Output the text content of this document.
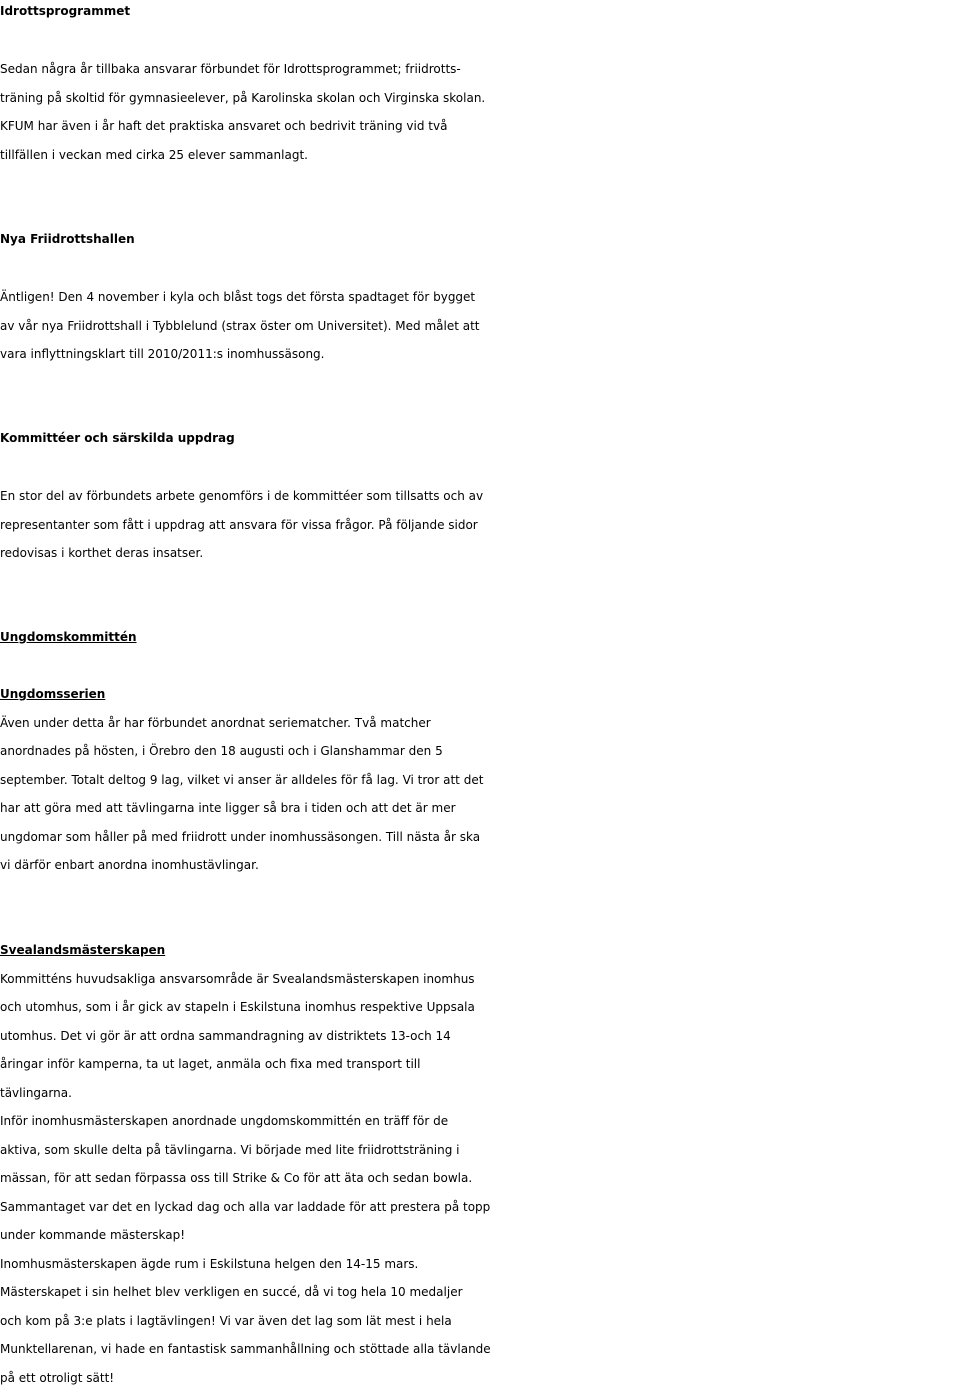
Idrottsprogrammet
Sedan några år tillbaka ansvarar förbundet för Idrottsprogrammet; friidrotts-
träning på skoltid för gymnasieelever, på Karolinska skolan och Virginska skolan.
KFUM har även i år haft det praktiska ansvaret och bedrivit träning vid två
tillfällen i veckan med cirka 25 elever sammanlagt.
Nya Friidrottshallen
Äntligen! Den 4 november i kyla och blåst togs det första spadtaget för bygget
av vår nya Friidrottshall i Tybblelund (strax öster om Universitet). Med målet att
vara inflyttningsklart till 2010/2011:s inomhussäsong.
Kommittéer och särskilda uppdrag
En stor del av förbundets arbete genomförs i de kommittéer som tillsatts och av
representanter som fått i uppdrag att ansvara för vissa frågor. På följande sidor
redovisas i korthet deras insatser.
Ungdomskommittén
Ungdomsserien
Även under detta år har förbundet anordnat seriematcher. Två matcher
anordnades på hösten, i Örebro den 18 augusti och i Glanshammar den 5
september. Totalt deltog 9 lag, vilket vi anser är alldeles för få lag. Vi tror att det
har att göra med att tävlingarna inte ligger så bra i tiden och att det är mer
ungdomar som håller på med friidrott under inomhussäsongen. Till nästa år ska
vi därför enbart anordna inomhustävlingar.
Svealandsmästerskapen
Kommitténs huvudsakliga ansvarsområde är Svealandsmästerskapen inomhus
och utomhus, som i år gick av stapeln i Eskilstuna inomhus respektive Uppsala
utomhus. Det vi gör är att ordna sammandragning av distriktets 13-och 14
åringar inför kamperna, ta ut laget, anmäla och fixa med transport till
tävlingarna.
Inför inomhusmästerskapen anordnade ungdomskommittén en träff för de
aktiva, som skulle delta på tävlingarna. Vi började med lite friidrottsträning i
mässan, för att sedan förpassa oss till Strike & Co för att äta och sedan bowla.
Sammantaget var det en lyckad dag och alla var laddade för att prestera på topp
under kommande mästerskap!
Inomhusmästerskapen ägde rum i Eskilstuna helgen den 14-15 mars.
Mästerskapet i sin helhet blev verkligen en succé, då vi tog hela 10 medaljer
och kom på 3:e plats i lagtävlingen! Vi var även det lag som lät mest i hela
Munktellarenan, vi hade en fantastisk sammanhållning och stöttade alla tävlande
på ett otroligt sätt!
